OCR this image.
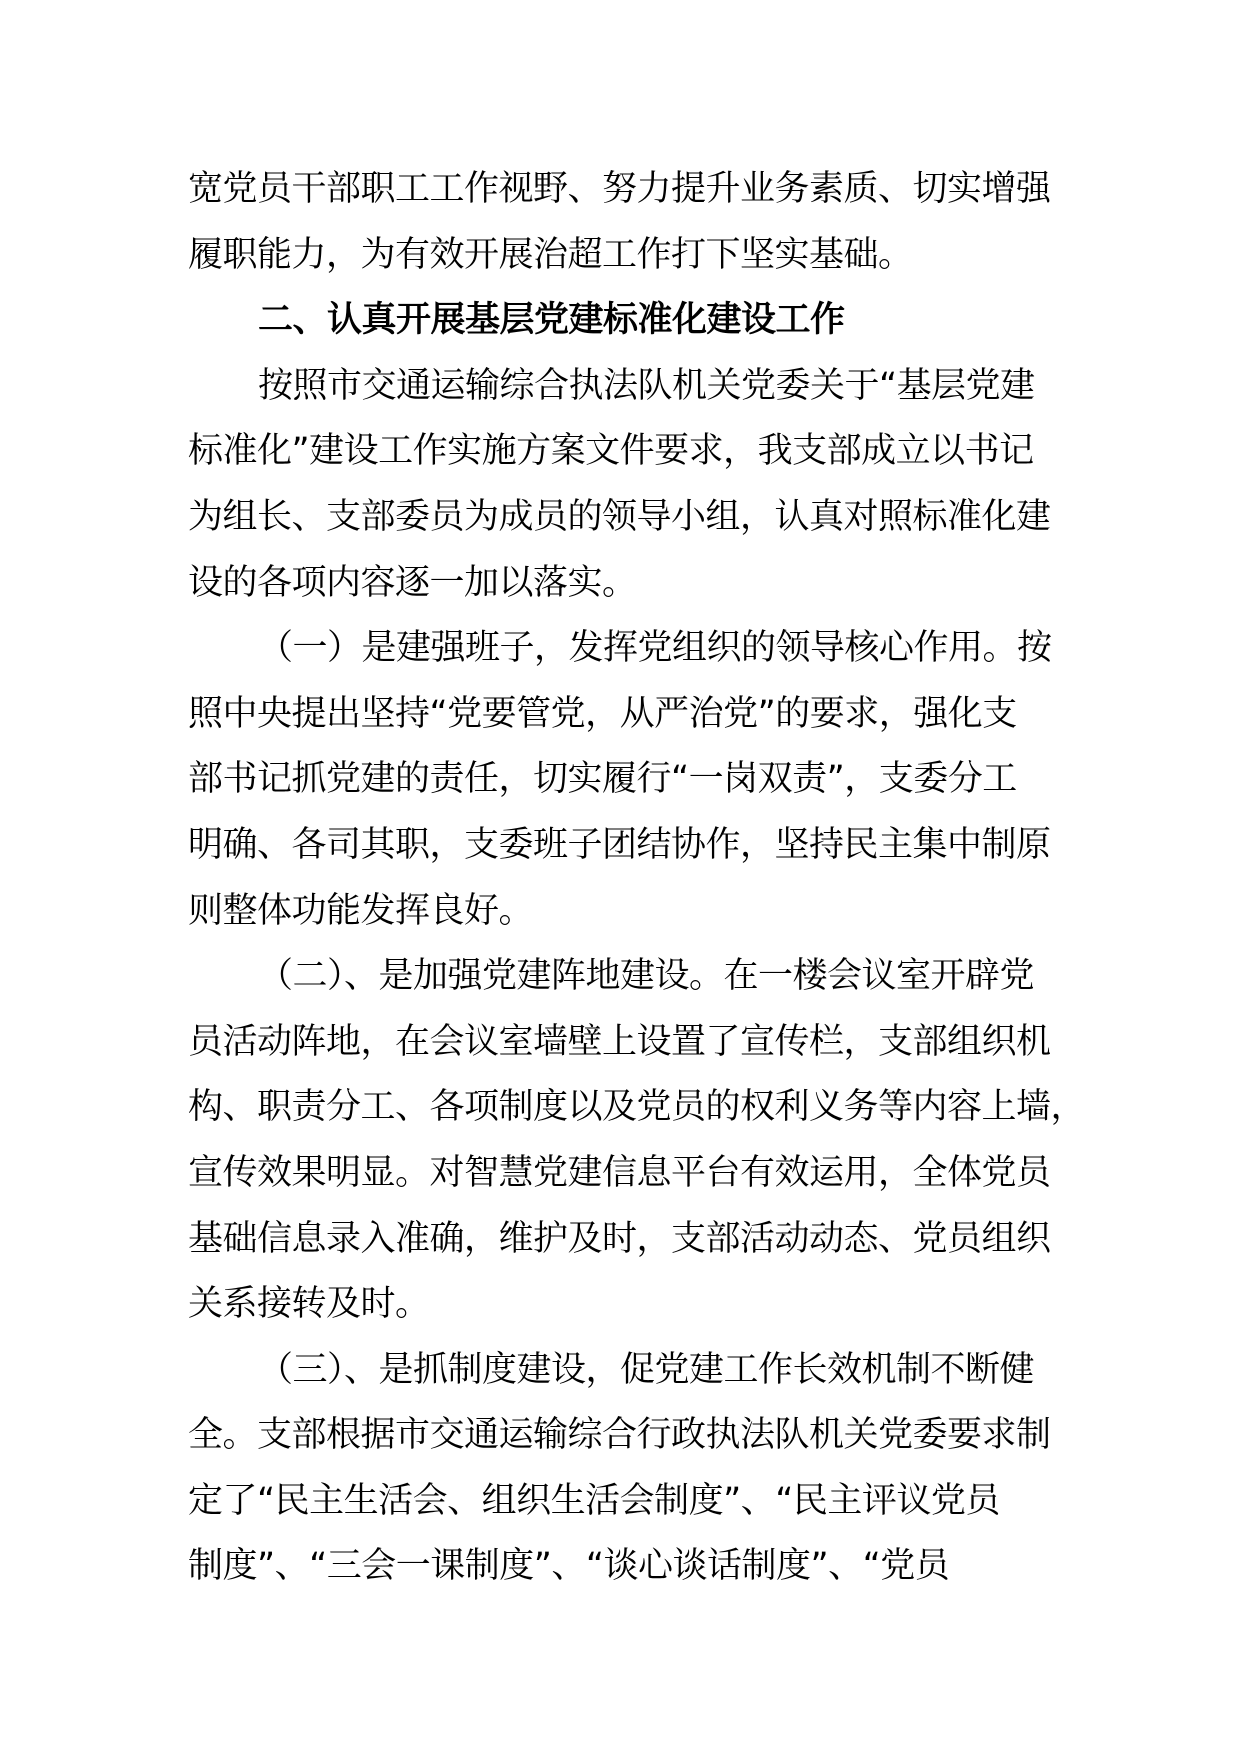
宽党员干部职工工作视野、努力提升业务素质、切实增强
履职能力，为有效开展治超工作打下坚实基础。
二、认真开展基层党建标准化建设工作
按照市交通运输综合执法队机关党委关于“基层党建
标准化”建设工作实施方案文件要求，我支部成立以书记
为组长、支部委员为成员的领导小组，认真对照标准化建
设的各项内容逐一加以落实。
（一）是建强班子，发挥党组织的领导核心作用。按
照中央提出坚持“党要管党，从严治党”的要求，强化支
部书记抓党建的责任，切实履行“一岗双责”，支委分工
明确、各司其职，支委班子团结协作，坚持民主集中制原
则整体功能发挥良好。
（二）、是加强党建阵地建设。在一楼会议室开辟党
员活动阵地，在会议室墙壁上设置了宣传栏，支部组织机
构、职责分工、各项制度以及党员的权利义务等内容上墙，
宣传效果明显。对智慧党建信息平台有效运用，全体党员
基础信息录入准确，维护及时，支部活动动态、党员组织
关系接转及时。
（三）、是抓制度建设，促党建工作长效机制不断健
全。支部根据市交通运输综合行政执法队机关党委要求制
定了“民主生活会、组织生活会制度”、“民主评议党员
制度”、“三会一课制度”、“谈心谈话制度”、“党员
